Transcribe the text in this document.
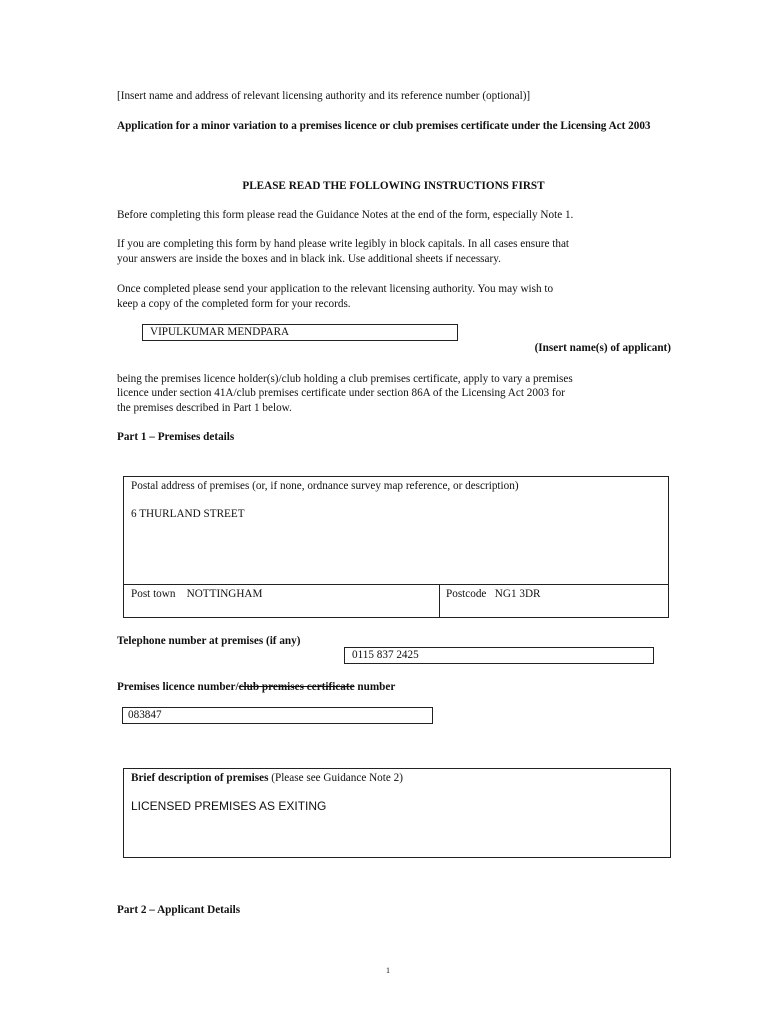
[Insert name and address of relevant licensing authority and its reference number (optional)]
Application for a minor variation to a premises licence or club premises certificate under the Licensing Act 2003
PLEASE READ THE FOLLOWING INSTRUCTIONS FIRST
Before completing this form please read the Guidance Notes at the end of the form, especially Note 1.
If you are completing this form by hand please write legibly in block capitals. In all cases ensure that
your answers are inside the boxes and in black ink. Use additional sheets if necessary.
Once completed please send your application to the relevant licensing authority. You may wish to
keep a copy of the completed form for your records.
VIPULKUMAR MENDPARA
(Insert name(s) of applicant)
being the premises licence holder(s)/club holding a club premises certificate, apply to vary a premises
licence under section 41A/club premises certificate under section 86A of the Licensing Act 2003 for
the premises described in Part 1 below.
Part 1 – Premises details
Postal address of premises (or, if none, ordnance survey map reference, or description)
6 THURLAND STREET
Post town NOTTINGHAM	Postcode NG1 3DR
Telephone number at premises (if any)
0115 837 2425
Premises licence number/club premises certificate number
083847
Brief description of premises (Please see Guidance Note 2)
LICENSED PREMISES AS EXITING
Part 2 – Applicant Details
1
